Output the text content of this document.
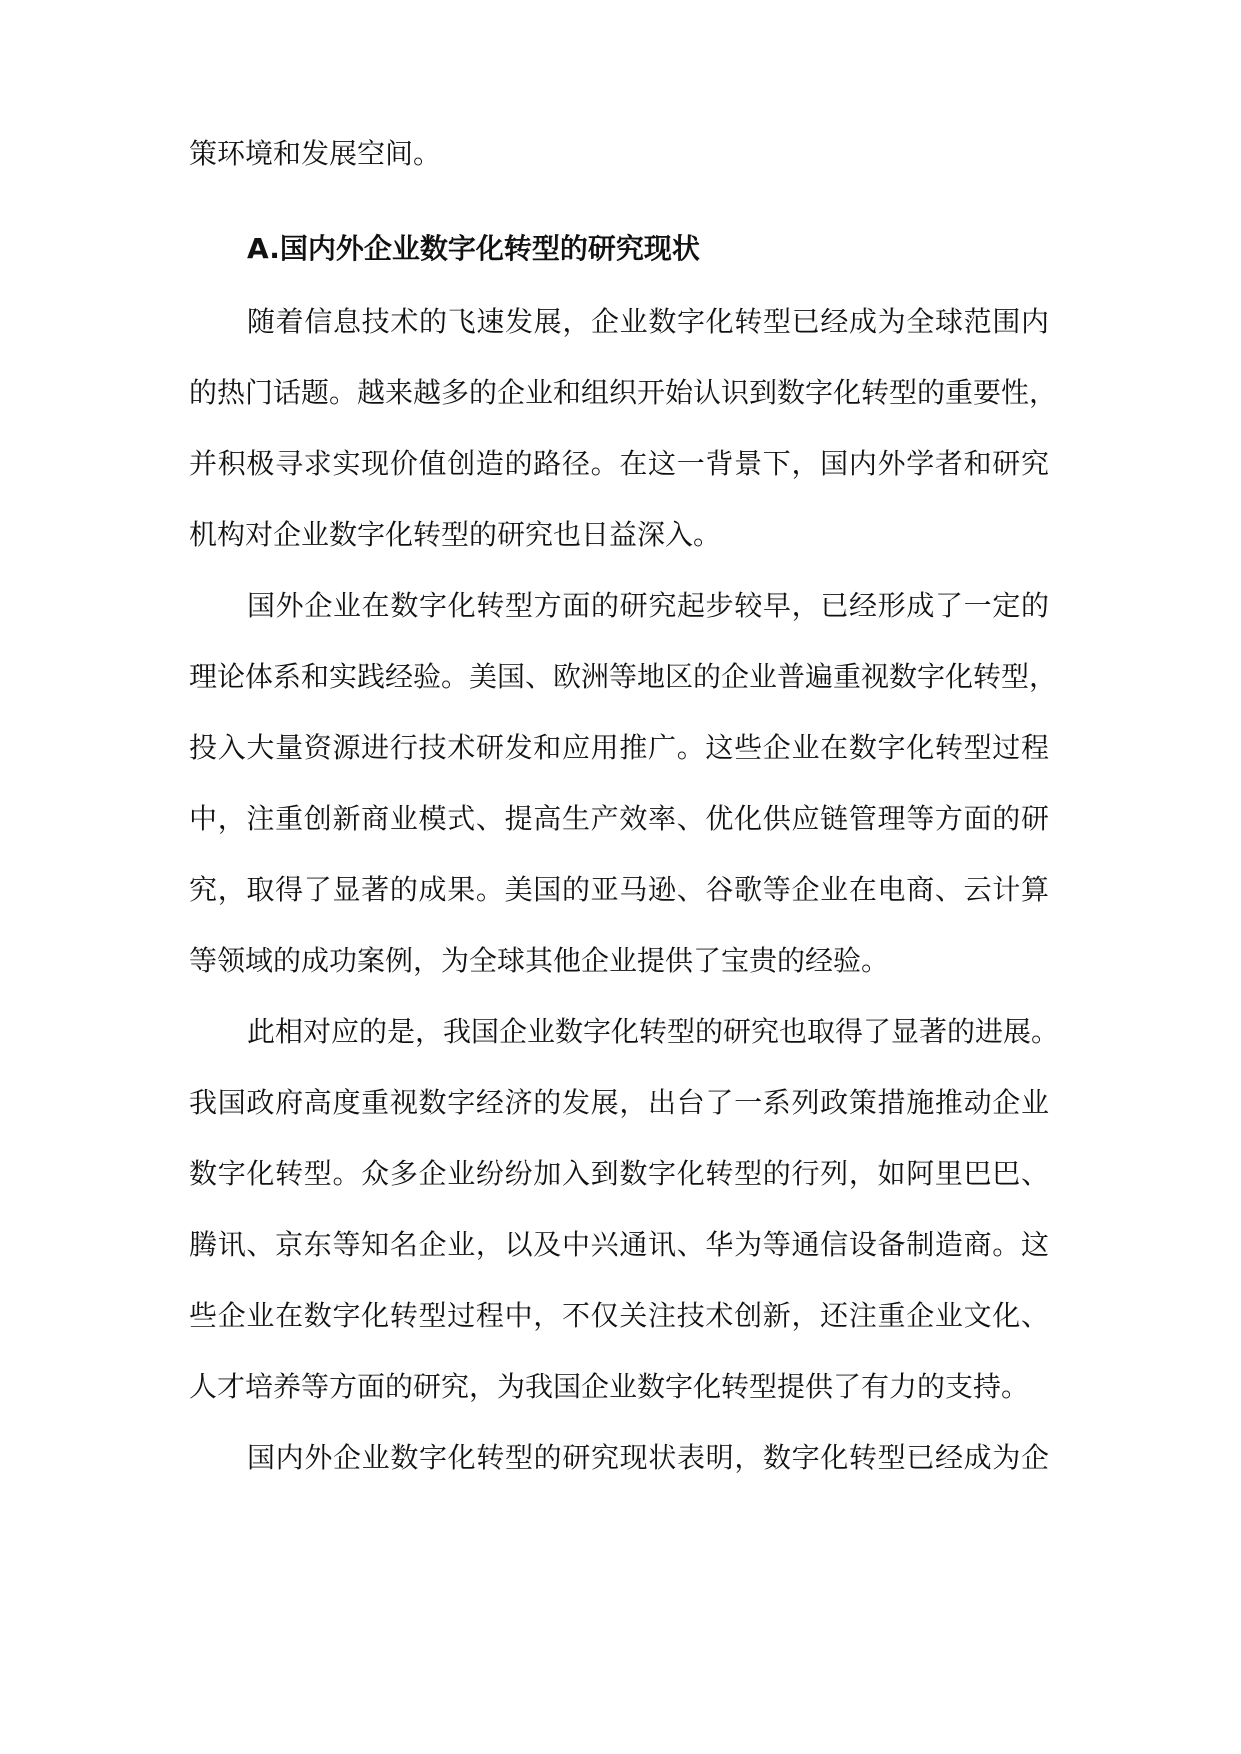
策环境和发展空间。
A.国内外企业数字化转型的研究现状
随着信息技术的飞速发展，企业数字化转型已经成为全球范围内
的热门话题。越来越多的企业和组织开始认识到数字化转型的重要性，
并积极寻求实现价值创造的路径。在这一背景下，国内外学者和研究
机构对企业数字化转型的研究也日益深入。
国外企业在数字化转型方面的研究起步较早，已经形成了一定的
理论体系和实践经验。美国、欧洲等地区的企业普遍重视数字化转型，
投入大量资源进行技术研发和应用推广。这些企业在数字化转型过程
中，注重创新商业模式、提高生产效率、优化供应链管理等方面的研
究，取得了显著的成果。美国的亚马逊、谷歌等企业在电商、云计算
等领域的成功案例，为全球其他企业提供了宝贵的经验。
此相对应的是，我国企业数字化转型的研究也取得了显著的进展。
我国政府高度重视数字经济的发展，出台了一系列政策措施推动企业
数字化转型。众多企业纷纷加入到数字化转型的行列，如阿里巴巴、
腾讯、京东等知名企业，以及中兴通讯、华为等通信设备制造商。这
些企业在数字化转型过程中，不仅关注技术创新，还注重企业文化、
人才培养等方面的研究，为我国企业数字化转型提供了有力的支持。
国内外企业数字化转型的研究现状表明，数字化转型已经成为企
